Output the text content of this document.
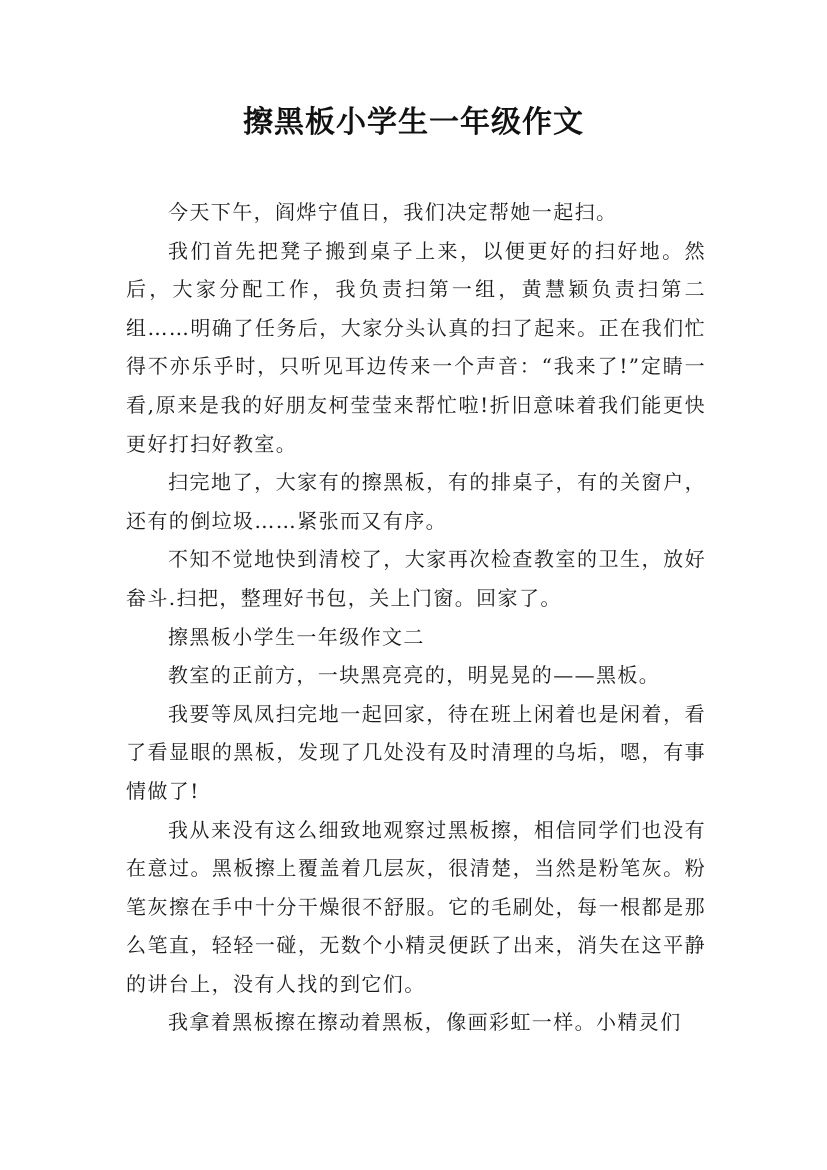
擦黑板小学生一年级作文

今天下午，阎烨宁值日，我们决定帮她一起扫。

我们首先把凳子搬到桌子上来，以便更好的扫好地。然后，大家分配工作，我负责扫第一组，黄慧颖负责扫第二组……明确了任务后，大家分头认真的扫了起来。正在我们忙得不亦乐乎时，只听见耳边传来一个声音：“我来了!”定睛一看,原来是我的好朋友柯莹莹来帮忙啦!折旧意味着我们能更快更好打扫好教室。

扫完地了，大家有的擦黑板，有的排桌子，有的关窗户，还有的倒垃圾……紧张而又有序。

不知不觉地快到清校了，大家再次检查教室的卫生，放好畚斗.扫把，整理好书包，关上门窗。回家了。

擦黑板小学生一年级作文二

教室的正前方，一块黑亮亮的，明晃晃的——黑板。

我要等凤凤扫完地一起回家，待在班上闲着也是闲着，看了看显眼的黑板，发现了几处没有及时清理的乌垢，嗯，有事情做了!

我从来没有这么细致地观察过黑板擦，相信同学们也没有在意过。黑板擦上覆盖着几层灰，很清楚，当然是粉笔灰。粉笔灰擦在手中十分干燥很不舒服。它的毛刷处，每一根都是那么笔直，轻轻一碰，无数个小精灵便跃了出来，消失在这平静的讲台上，没有人找的到它们。

我拿着黑板擦在擦动着黑板，像画彩虹一样。小精灵们
